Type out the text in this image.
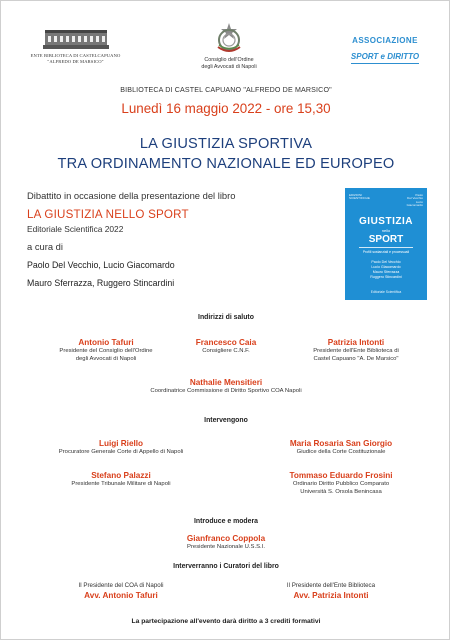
ENTE BIBLIOTECA DI CASTELCAPUANO
"ALFREDO DE MARSICO"	Consiglio dell'Ordine
degli Avvocati di Napoli
ASSOCIAZIONE
SPORT e DIRITTO
BIBLIOTECA DI CASTEL CAPUANO "ALFREDO DE MARSICO"
Lunedì 16 maggio 2022 - ore 15,30
LA GIUSTIZIA SPORTIVA
TRA ORDINAMENTO NAZIONALE ED EUROPEO
Dibattito in occasione della presentazione del libro
LA GIUSTIZIA NELLO SPORT
Editoriale Scientifica 2022
a cura di
Paolo Del Vecchio, Lucio Giacomardo
Mauro Sferrazza, Ruggero Stincardini
EDIZIONI
SCIENTIFICHE
Paolo
Del Vecchio
Lucio
Giacomardo
GIUSTIZIA
nello
SPORT
Profili sostanziali e processuali
Paolo Del Vecchio
Lucio Giacomardo
Mauro Sferrazza
Ruggero Stincardini
Editoriale Scientifica
Indirizzi di saluto
Antonio Tafuri
Presidente del Consiglio dell'Ordine
degli Avvocati di Napoli
Francesco Caia
Consigliere C.N.F.
Patrizia Intonti
Presidente dell'Ente Biblioteca di
Castel Capuano "A. De Marsico"
Nathalie Mensitieri
Coordinatrice Commissione di Diritto Sportivo COA Napoli
Intervengono
Luigi Riello
Procuratore Generale Corte di Appello di Napoli
Maria Rosaria San Giorgio
Giudice della Corte Costituzionale
Stefano Palazzi
Presidente Tribunale Militare di Napoli
Tommaso Eduardo Frosini
Ordinario Diritto Pubblico Comparato
Università S. Orsola Benincasa
Introduce e modera
Gianfranco Coppola
Presidente Nazionale U.S.S.I.
Interverranno i Curatori del libro
Il Presidente del COA di Napoli
Avv. Antonio Tafuri
Il Presidente dell'Ente Biblioteca
Avv. Patrizia Intonti
La partecipazione all'evento darà diritto a 3 crediti formativi
